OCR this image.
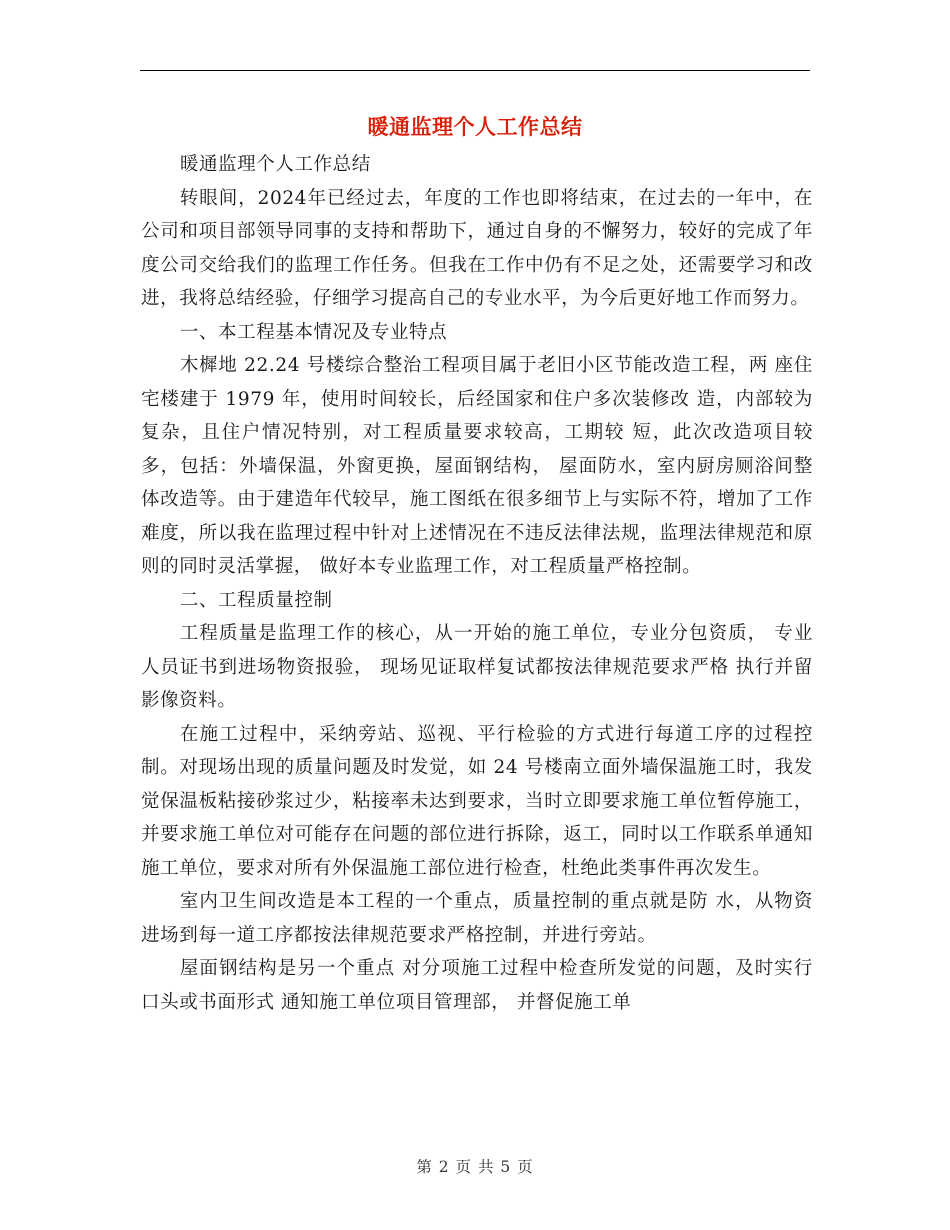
暖通监理个人工作总结

暖通监理个人工作总结

转眼间，2024年已经过去，年度的工作也即将结束，在过去的一年中，在公司和项目部领导同事的支持和帮助下，通过自身的不懈努力，较好的完成了年度公司交给我们的监理工作任务。但我在工作中仍有不足之处，还需要学习和改进，我将总结经验，仔细学习提高自己的专业水平，为今后更好地工作而努力。

一、本工程基本情况及专业特点

木樨地 22.24 号楼综合整治工程项目属于老旧小区节能改造工程，两 座住宅楼建于 1979 年，使用时间较长，后经国家和住户多次装修改 造，内部较为复杂，且住户情况特别，对工程质量要求较高，工期较 短，此次改造项目较多，包括：外墙保温，外窗更换，屋面钢结构， 屋面防水，室内厨房厕浴间整体改造等。由于建造年代较早，施工图纸在很多细节上与实际不符，增加了工作难度，所以我在监理过程中针对上述情况在不违反法律法规，监理法律规范和原则的同时灵活掌握， 做好本专业监理工作，对工程质量严格控制。

二、工程质量控制

工程质量是监理工作的核心，从一开始的施工单位，专业分包资质， 专业人员证书到进场物资报验， 现场见证取样复试都按法律规范要求严格 执行并留影像资料。

在施工过程中，采纳旁站、巡视、平行检验的方式进行每道工序的过程控制。对现场出现的质量问题及时发觉，如 24 号楼南立面外墙保温施工时，我发觉保温板粘接砂浆过少，粘接率未达到要求，当时立即要求施工单位暂停施工， 并要求施工单位对可能存在问题的部位进行拆除，返工，同时以工作联系单通知施工单位，要求对所有外保温施工部位进行检查，杜绝此类事件再次发生。

室内卫生间改造是本工程的一个重点，质量控制的重点就是防 水，从物资进场到每一道工序都按法律规范要求严格控制，并进行旁站。

屋面钢结构是另一个重点 对分项施工过程中检查所发觉的问题，及时实行口头或书面形式 通知施工单位项目管理部， 并督促施工单

第 2 页 共 5 页
